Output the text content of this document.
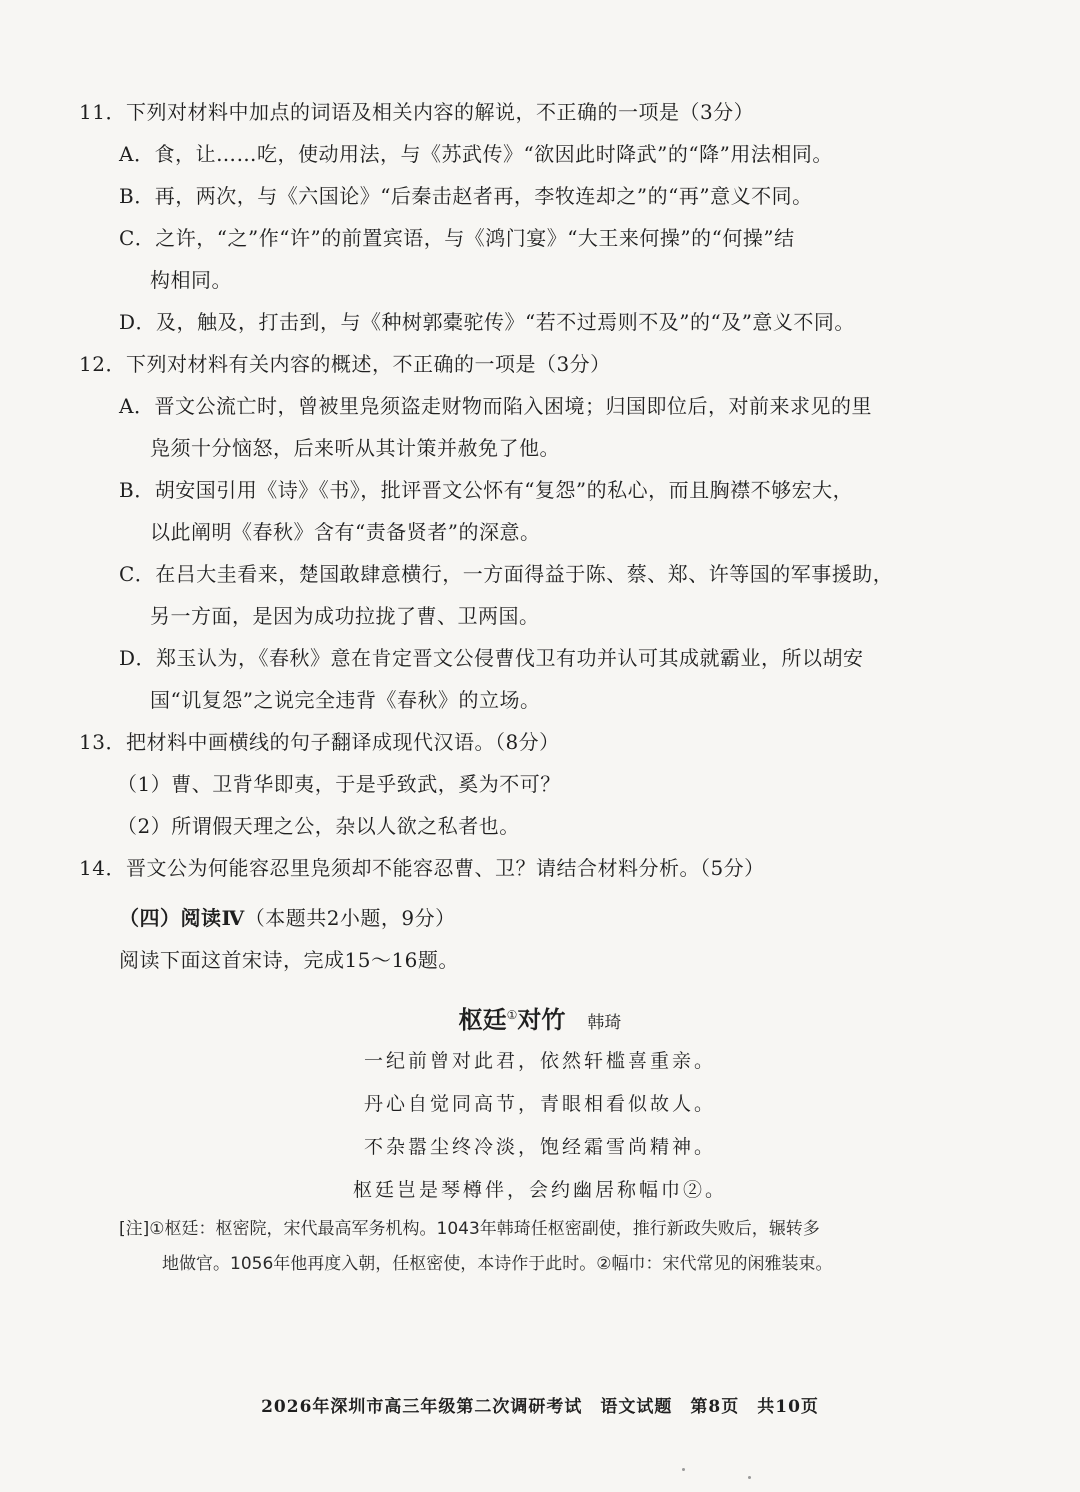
11．下列对材料中加点的词语及相关内容的解说，不正确的一项是（3分）
A．食，让……吃，使动用法，与《苏武传》“欲因此时降武”的“降”用法相同。
B．再，两次，与《六国论》“后秦击赵者再，李牧连却之”的“再”意义不同。
C．之许，“之”作“许”的前置宾语，与《鸿门宴》“大王来何操”的“何操”结
构相同。
D．及，触及，打击到，与《种树郭橐驼传》“若不过焉则不及”的“及”意义不同。
12．下列对材料有关内容的概述，不正确的一项是（3分）
A．晋文公流亡时，曾被里凫须盗走财物而陷入困境；归国即位后，对前来求见的里
凫须十分恼怒，后来听从其计策并赦免了他。
B．胡安国引用《诗》《书》，批评晋文公怀有“复怨”的私心，而且胸襟不够宏大，
以此阐明《春秋》含有“责备贤者”的深意。
C．在吕大圭看来，楚国敢肆意横行，一方面得益于陈、蔡、郑、许等国的军事援助，
另一方面，是因为成功拉拢了曹、卫两国。
D．郑玉认为，《春秋》意在肯定晋文公侵曹伐卫有功并认可其成就霸业，所以胡安
国“讥复怨”之说完全违背《春秋》的立场。
13．把材料中画横线的句子翻译成现代汉语。（8分）
（1）曹、卫背华即夷，于是乎致武，奚为不可？
（2）所谓假天理之公，杂以人欲之私者也。
14．晋文公为何能容忍里凫须却不能容忍曹、卫？请结合材料分析。（5分）
（四）阅读Ⅳ（本题共2小题，9分）
阅读下面这首宋诗，完成15～16题。
枢廷①对竹 韩琦
一纪前曾对此君，依然轩槛喜重亲。
丹心自觉同高节，青眼相看似故人。
不杂嚣尘终冷淡，饱经霜雪尚精神。
枢廷岂是琴樽伴，会约幽居称幅巾②。
[注]①枢廷：枢密院，宋代最高军务机构。1043年韩琦任枢密副使，推行新政失败后，辗转多
地做官。1056年他再度入朝，任枢密使，本诗作于此时。②幅巾：宋代常见的闲雅装束。
2026年深圳市高三年级第二次调研考试　语文试题　第8页　共10页
